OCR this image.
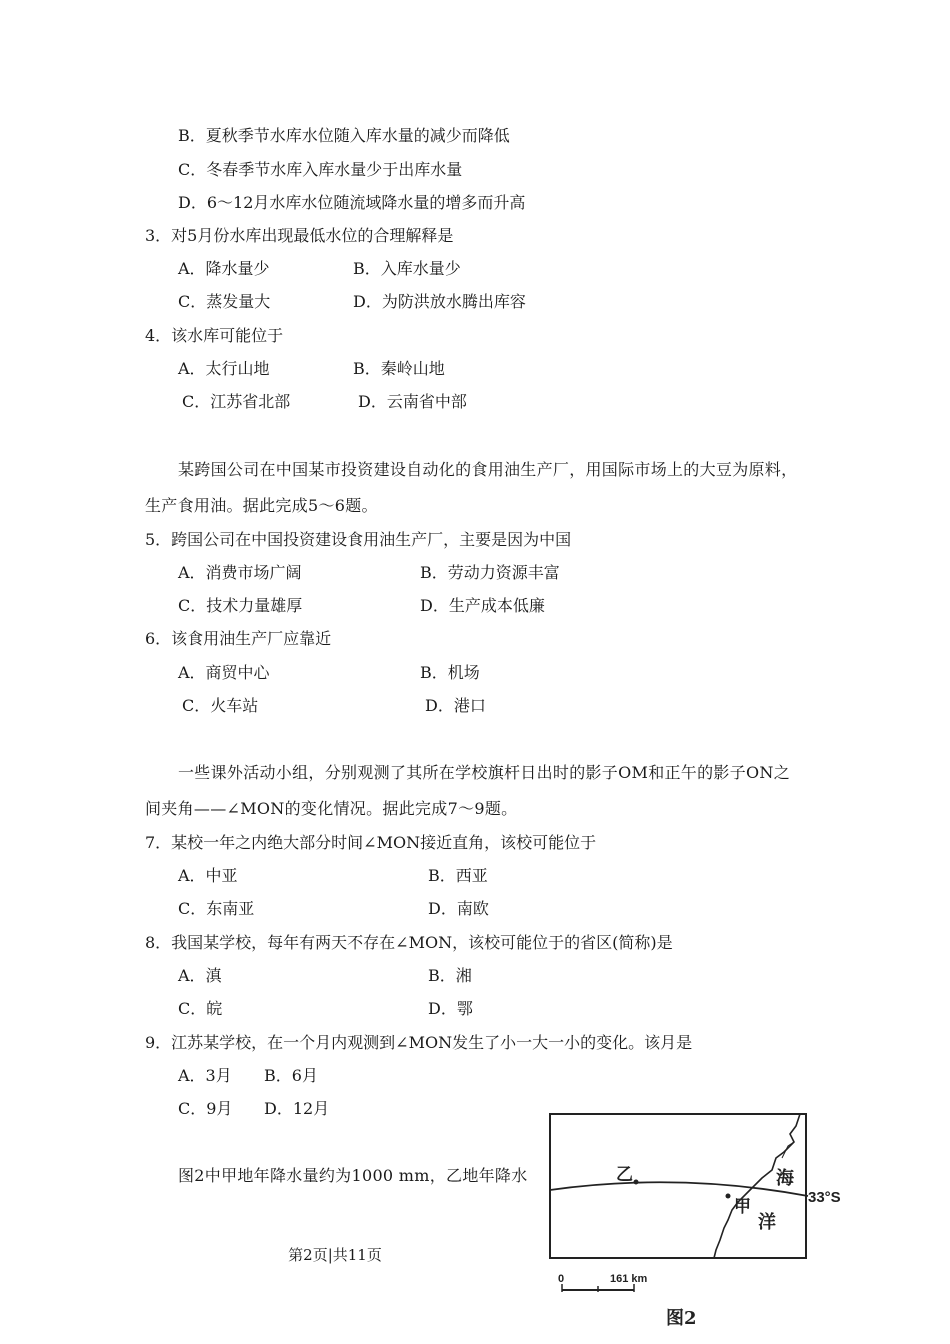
B．夏秋季节水库水位随入库水量的减少而降低
C．冬春季节水库入库水量少于出库水量
D．6～12月水库水位随流域降水量的增多而升高
3．对5月份水库出现最低水位的合理解释是
A．降水量少	B．入库水量少
C．蒸发量大	D．为防洪放水腾出库容
4．该水库可能位于
A．太行山地	B．秦岭山地
C．江苏省北部	D．云南省中部
某跨国公司在中国某市投资建设自动化的食用油生产厂，用国际市场上的大豆为原料，
生产食用油。据此完成5～6题。
5．跨国公司在中国投资建设食用油生产厂，主要是因为中国
A．消费市场广阔	B．劳动力资源丰富
C．技术力量雄厚	D．生产成本低廉
6．该食用油生产厂应靠近
A．商贸中心	B．机场
C．火车站	D．港口
一些课外活动小组，分别观测了其所在学校旗杆日出时的影子OM和正午的影子ON之
间夹角——∠MON的变化情况。据此完成7～9题。
7．某校一年之内绝大部分时间∠MON接近直角，该校可能位于
A．中亚	B．西亚
C．东南亚	D．南欧
8．我国某学校，每年有两天不存在∠MON，该校可能位于的省区(简称)是
A．滇	B．湘
C．皖	D．鄂
9．江苏某学校，在一个月内观测到∠MON发生了小一大一小的变化。该月是
A．3月 B．6月
C．9月 D．12月
图2中甲地年降水量约为1000 mm，乙地年降水	乙
甲
海
洋
33°S
0	161 km
图2
第2页|共11页
